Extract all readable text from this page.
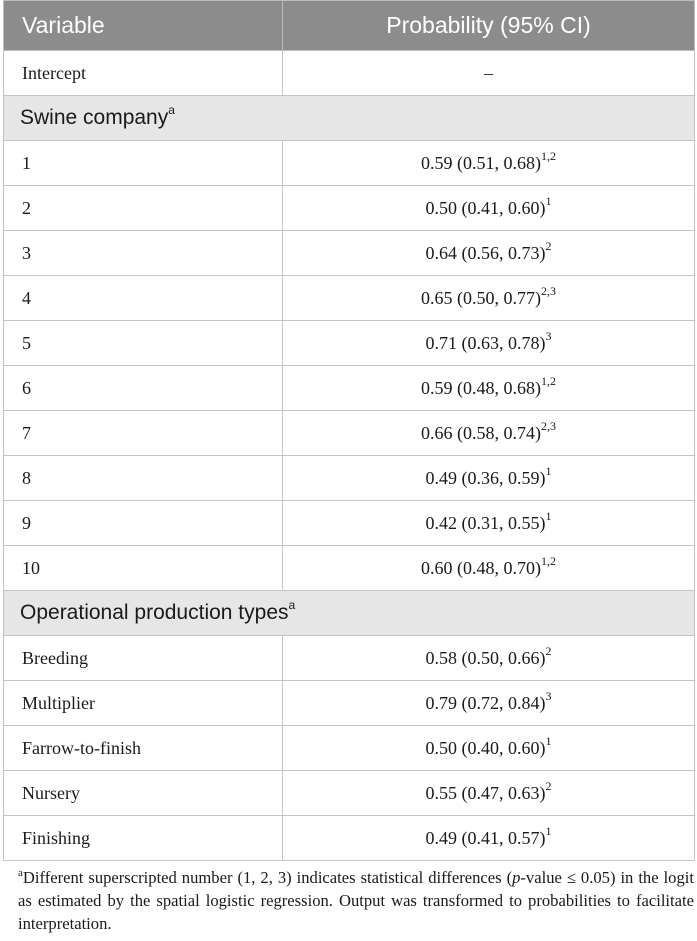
Variable	Probability (95% CI)
Intercept	–
Swine company$^a$
1	0.59 (0.51, 0.68)$^{1,2}$
2	0.50 (0.41, 0.60)$^1$
3	0.64 (0.56, 0.73)$^2$
4	0.65 (0.50, 0.77)$^{2,3}$
5	0.71 (0.63, 0.78)$^3$
6	0.59 (0.48, 0.68)$^{1,2}$
7	0.66 (0.58, 0.74)$^{2,3}$
8	0.49 (0.36, 0.59)$^1$
9	0.42 (0.31, 0.55)$^1$
10	0.60 (0.48, 0.70)$^{1,2}$
Operational production types$^a$
Breeding	0.58 (0.50, 0.66)$^2$
Multiplier	0.79 (0.72, 0.84)$^3$
Farrow-to-finish	0.50 (0.40, 0.60)$^1$
Nursery	0.55 (0.47, 0.63)$^2$
Finishing	0.49 (0.41, 0.57)$^1$
$^a$Different superscripted number (1, 2, 3) indicates statistical differences (p-value ≤ 0.05) in the logit as estimated by the spatial logistic regression. Output was transformed to probabilities to facilitate interpretation.
